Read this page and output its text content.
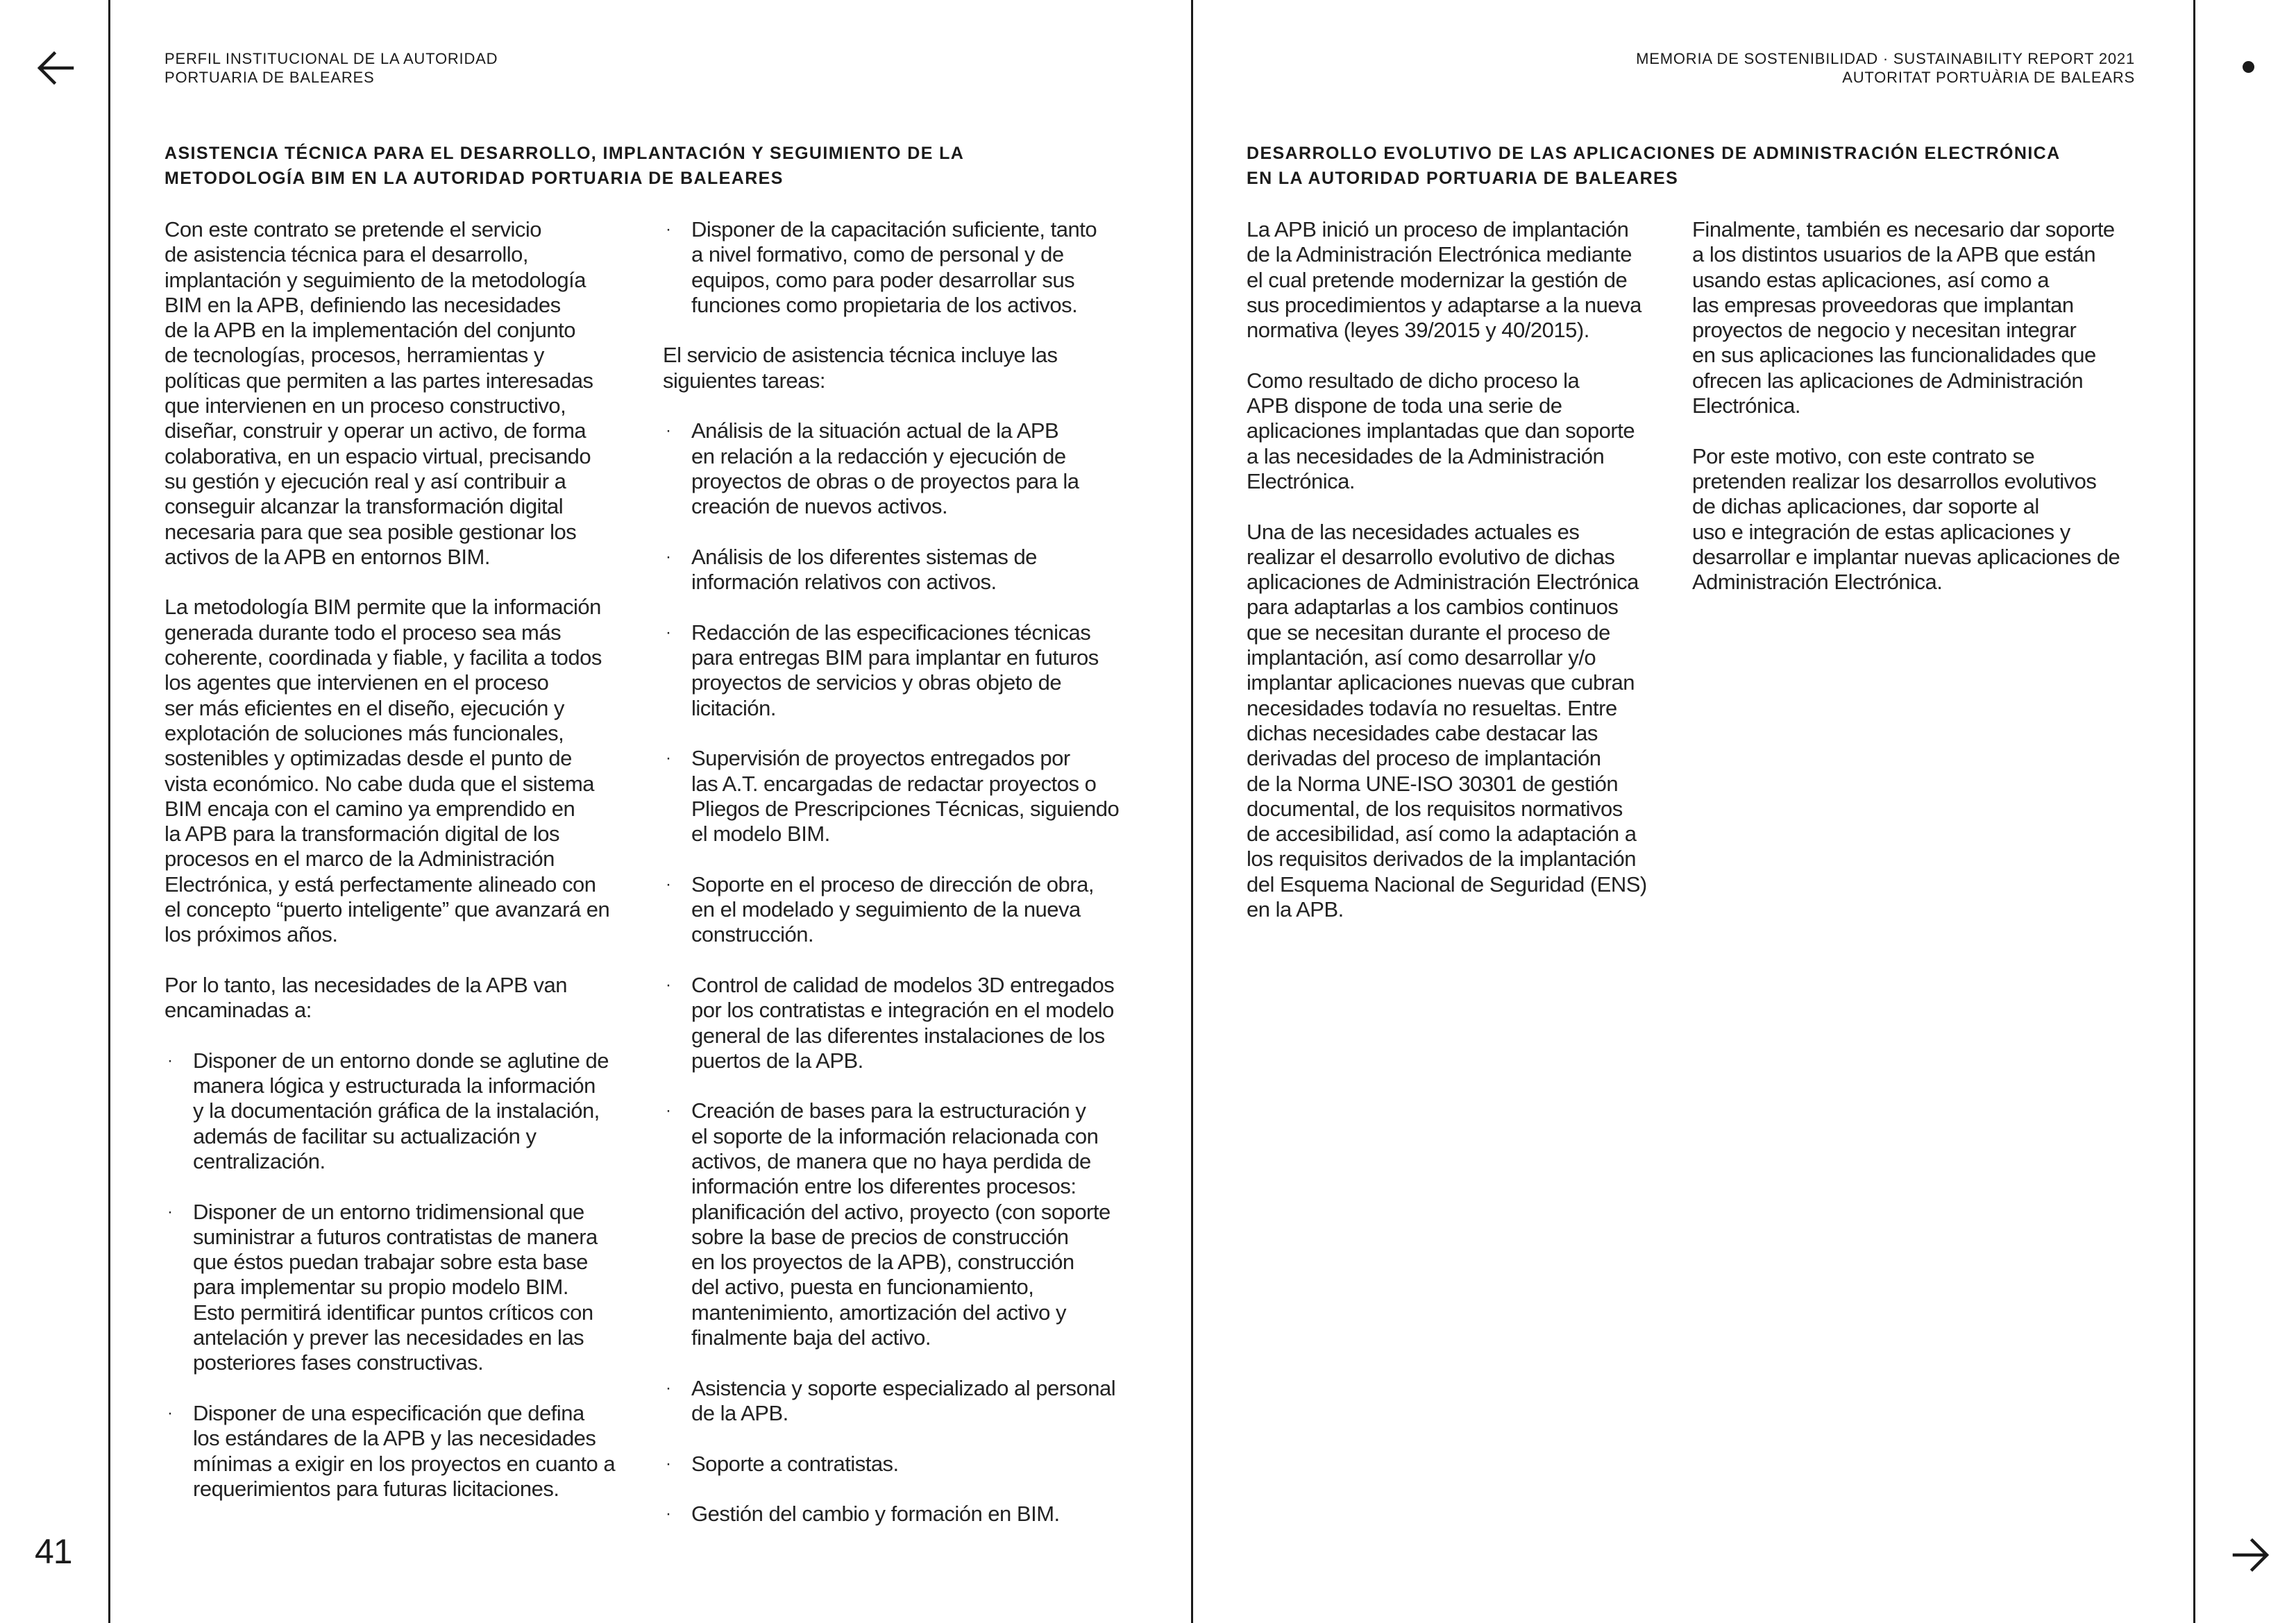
41
PERFIL INSTITUCIONAL DE LA AUTORIDAD
PORTUARIA DE BALEARES
MEMORIA DE SOSTENIBILIDAD · SUSTAINABILITY REPORT 2021
AUTORITAT PORTUÀRIA DE BALEARS
ASISTENCIA TÉCNICA PARA EL DESARROLLO, IMPLANTACIÓN Y SEGUIMIENTO DE LA
METODOLOGÍA BIM EN LA AUTORIDAD PORTUARIA DE BALEARES
DESARROLLO EVOLUTIVO DE LAS APLICACIONES DE ADMINISTRACIÓN ELECTRÓNICA
EN LA AUTORIDAD PORTUARIA DE BALEARES

Con este contrato se pretende el servicio
de asistencia técnica para el desarrollo,
implantación y seguimiento de la metodología
BIM en la APB, definiendo las necesidades
de la APB en la implementación del conjunto
de tecnologías, procesos, herramientas y
políticas que permiten a las partes interesadas
que intervienen en un proceso constructivo,
diseñar, construir y operar un activo, de forma
colaborativa, en un espacio virtual, precisando
su gestión y ejecución real y así contribuir a
conseguir alcanzar la transformación digital
necesaria para que sea posible gestionar los
activos de la APB en entornos BIM.

La metodología BIM permite que la información
generada durante todo el proceso sea más
coherente, coordinada y fiable, y facilita a todos
los agentes que intervienen en el proceso
ser más eficientes en el diseño, ejecución y
explotación de soluciones más funcionales,
sostenibles y optimizadas desde el punto de
vista económico. No cabe duda que el sistema
BIM encaja con el camino ya emprendido en
la APB para la transformación digital de los
procesos en el marco de la Administración
Electrónica, y está perfectamente alineado con
el concepto “puerto inteligente” que avanzará en
los próximos años.

Por lo tanto, las necesidades de la APB van
encaminadas a:

· Disponer de un entorno donde se aglutine de
manera lógica y estructurada la información
y la documentación gráfica de la instalación,
además de facilitar su actualización y
centralización.
· Disponer de un entorno tridimensional que
suministrar a futuros contratistas de manera
que éstos puedan trabajar sobre esta base
para implementar su propio modelo BIM.
Esto permitirá identificar puntos críticos con
antelación y prever las necesidades en las
posteriores fases constructivas.
· Disponer de una especificación que defina
los estándares de la APB y las necesidades
mínimas a exigir en los proyectos en cuanto a
requerimientos para futuras licitaciones.
· Disponer de la capacitación suficiente, tanto
a nivel formativo, como de personal y de
equipos, como para poder desarrollar sus
funciones como propietaria de los activos.

El servicio de asistencia técnica incluye las
siguientes tareas:

· Análisis de la situación actual de la APB
en relación a la redacción y ejecución de
proyectos de obras o de proyectos para la
creación de nuevos activos.
· Análisis de los diferentes sistemas de
información relativos con activos.
· Redacción de las especificaciones técnicas
para entregas BIM para implantar en futuros
proyectos de servicios y obras objeto de
licitación.
· Supervisión de proyectos entregados por
las A.T. encargadas de redactar proyectos o
Pliegos de Prescripciones Técnicas, siguiendo
el modelo BIM.
· Soporte en el proceso de dirección de obra,
en el modelado y seguimiento de la nueva
construcción.
· Control de calidad de modelos 3D entregados
por los contratistas e integración en el modelo
general de las diferentes instalaciones de los
puertos de la APB.
· Creación de bases para la estructuración y
el soporte de la información relacionada con
activos, de manera que no haya perdida de
información entre los diferentes procesos:
planificación del activo, proyecto (con soporte
sobre la base de precios de construcción
en los proyectos de la APB), construcción
del activo, puesta en funcionamiento,
mantenimiento, amortización del activo y
finalmente baja del activo.
· Asistencia y soporte especializado al personal
de la APB.
· Soporte a contratistas.
· Gestión del cambio y formación en BIM.

La APB inició un proceso de implantación
de la Administración Electrónica mediante
el cual pretende modernizar la gestión de
sus procedimientos y adaptarse a la nueva
normativa (leyes 39/2015 y 40/2015).

Como resultado de dicho proceso la
APB dispone de toda una serie de
aplicaciones implantadas que dan soporte
a las necesidades de la Administración
Electrónica.

Una de las necesidades actuales es
realizar el desarrollo evolutivo de dichas
aplicaciones de Administración Electrónica
para adaptarlas a los cambios continuos
que se necesitan durante el proceso de
implantación, así como desarrollar y/o
implantar aplicaciones nuevas que cubran
necesidades todavía no resueltas. Entre
dichas necesidades cabe destacar las
derivadas del proceso de implantación
de la Norma UNE-ISO 30301 de gestión
documental, de los requisitos normativos
de accesibilidad, así como la adaptación a
los requisitos derivados de la implantación
del Esquema Nacional de Seguridad (ENS)
en la APB.

Finalmente, también es necesario dar soporte
a los distintos usuarios de la APB que están
usando estas aplicaciones, así como a
las empresas proveedoras que implantan
proyectos de negocio y necesitan integrar
en sus aplicaciones las funcionalidades que
ofrecen las aplicaciones de Administración
Electrónica.

Por este motivo, con este contrato se
pretenden realizar los desarrollos evolutivos
de dichas aplicaciones, dar soporte al
uso e integración de estas aplicaciones y
desarrollar e implantar nuevas aplicaciones de
Administración Electrónica.
